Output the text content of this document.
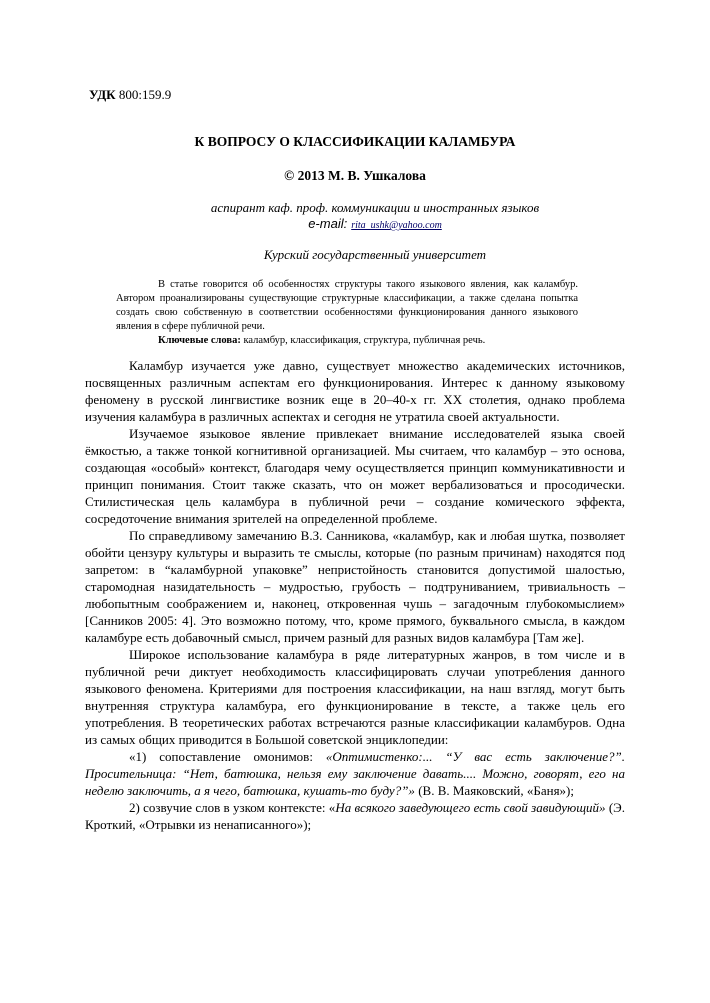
УДК 800:159.9
К ВОПРОСУ О КЛАССИФИКАЦИИ КАЛАМБУРА
© 2013 М. В. Ушкалова
аспирант каф. проф. коммуникации и иностранных языков
e-mail: rita_ushk@yahoo.com
Курский государственный университет

В статье говорится об особенностях структуры такого языкового явления, как каламбур. Автором проанализированы существующие структурные классификации, а также сделана попытка создать свою собственную в соответствии особенностями функционирования данного языкового явления в сфере публичной речи.

Ключевые слова: каламбур, классификация, структура, публичная речь.

Каламбур изучается уже давно, существует множество академических источников, посвященных различным аспектам его функционирования. Интерес к данному языковому феномену в русской лингвистике возник еще в 20–40-х гг. XX столетия, однако проблема изучения каламбура в различных аспектах и сегодня не утратила своей актуальности.

Изучаемое языковое явление привлекает внимание исследователей языка своей ёмкостью, а также тонкой когнитивной организацией. Мы считаем, что каламбур – это основа, создающая «особый» контекст, благодаря чему осуществляется принцип коммуникативности и принцип понимания. Стоит также сказать, что он может вербализоваться и просодически. Стилистическая цель каламбура в публичной речи – создание комического эффекта, сосредоточение внимания зрителей на определенной проблеме.

По справедливому замечанию В.З. Санникова, «каламбур, как и любая шутка, позволяет обойти цензуру культуры и выразить те смыслы, которые (по разным причинам) находятся под запретом: в “каламбурной упаковке” непристойность становится допустимой шалостью, старомодная назидательность – мудростью, грубость – подтруниванием, тривиальность – любопытным соображением и, наконец, откровенная чушь – загадочным глубокомыслием» [Санников 2005: 4]. Это возможно потому, что, кроме прямого, буквального смысла, в каждом каламбуре есть добавочный смысл, причем разный для разных видов каламбура [Там же].

Широкое использование каламбура в ряде литературных жанров, в том числе и в публичной речи диктует необходимость классифицировать случаи употребления данного языкового феномена. Критериями для построения классификации, на наш взгляд, могут быть внутренняя структура каламбура, его функционирование в тексте, а также цель его употребления. В теоретических работах встречаются разные классификации каламбуров. Одна из самых общих приводится в Большой советской энциклопедии:

«1) сопоставление омонимов: «Оптимистенко:... “У вас есть заключение?”. Просительница: “Нет, батюшка, нельзя ему заключение давать.... Можно, говорят, его на неделю заключить, а я чего, батюшка, кушать-то буду?”» (В. В. Маяковский, «Баня»);

2) созвучие слов в узком контексте: «На всякого заведующего есть свой завидующий» (Э. Кроткий, «Отрывки из ненаписанного»);
